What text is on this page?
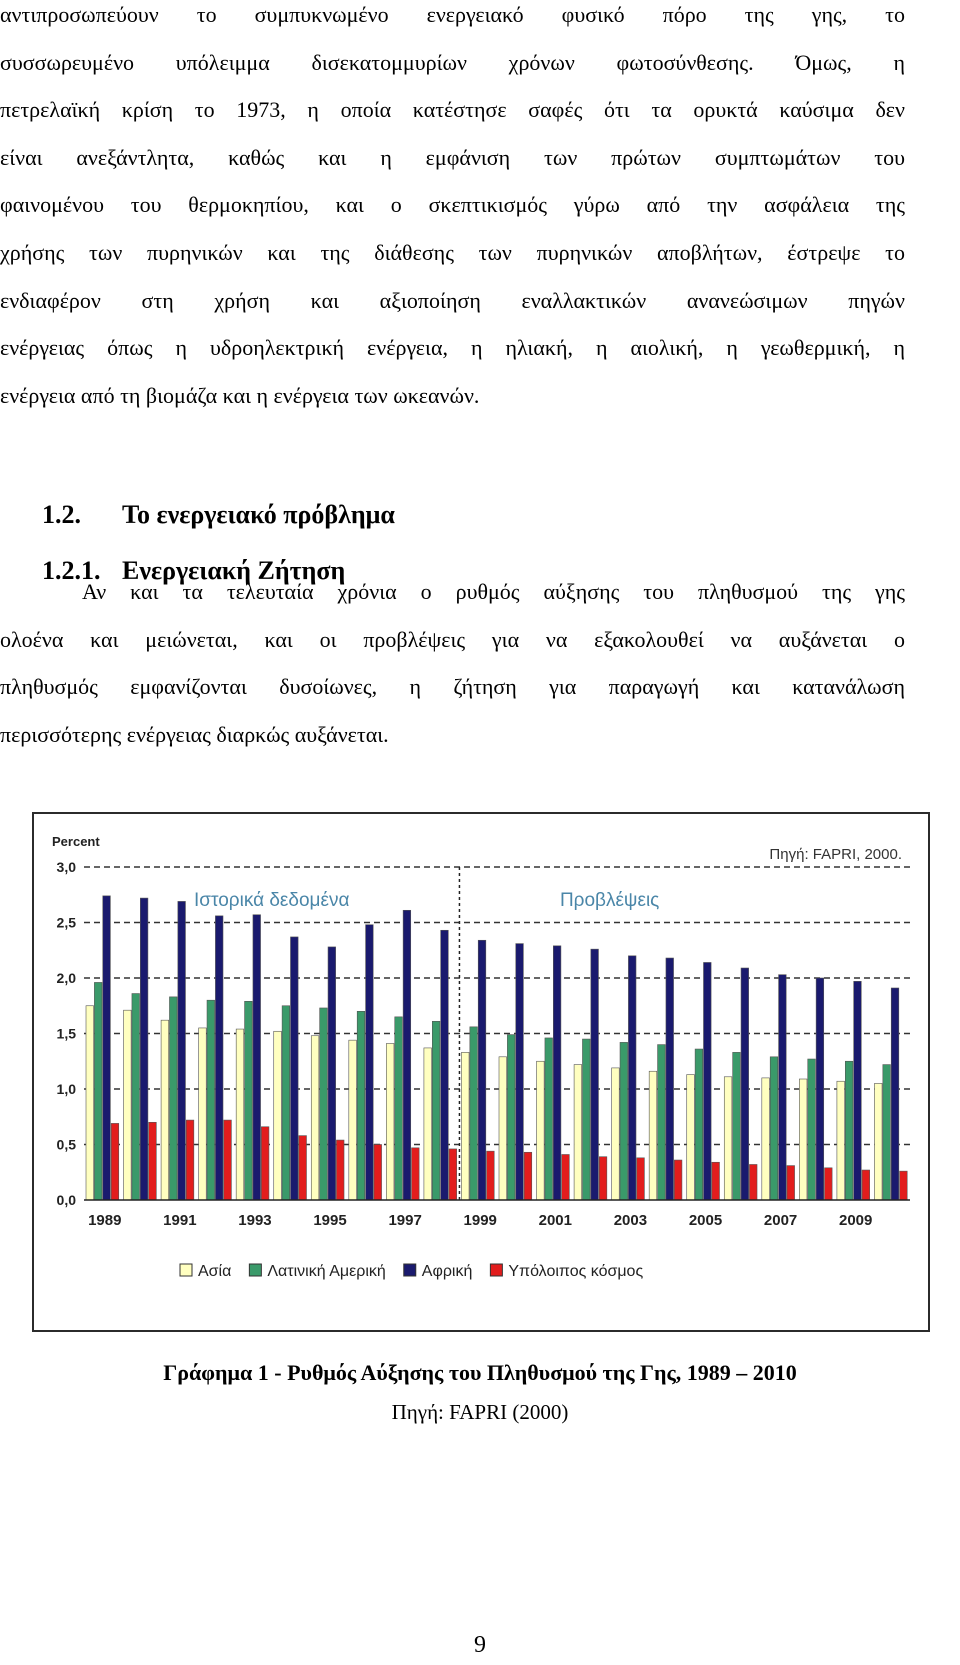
αντιπροσωπεύουν το συμπυκνωμένο ενεργειακό φυσικό πόρο της γης, το
συσσωρευμένο υπόλειμμα δισεκατομμυρίων χρόνων φωτοσύνθεσης. Όμως, η
πετρελαϊκή κρίση το 1973, η οποία κατέστησε σαφές ότι τα ορυκτά καύσιμα δεν
είναι ανεξάντλητα, καθώς και η εμφάνιση των πρώτων συμπτωμάτων του
φαινομένου του θερμοκηπίου, και ο σκεπτικισμός γύρω από την ασφάλεια της
χρήσης των πυρηνικών και της διάθεσης των πυρηνικών αποβλήτων, έστρεψε το
ενδιαφέρον στη χρήση και αξιοποίηση εναλλακτικών ανανεώσιμων πηγών
ενέργειας όπως η υδροηλεκτρική ενέργεια, η ηλιακή, η αιολική, η γεωθερμική, η
ενέργεια από τη βιομάζα και η ενέργεια των ωκεανών.
1.2. Το ενεργειακό πρόβλημα
1.2.1. Ενεργειακή Ζήτηση
Αν και τα τελευταία χρόνια ο ρυθμός αύξησης του πληθυσμού της γης
ολοένα και μειώνεται, και οι προβλέψεις για να εξακολουθεί να αυξάνεται ο
πληθυσμός εμφανίζονται δυσοίωνες, η ζήτηση για παραγωγή και κατανάλωση
περισσότερης ενέργειας διαρκώς αυξάνεται.
0,0
0,5
1,0
1,5
2,0
2,5
3,0
Percent
Πηγή: FAPRI, 2000.
Ιστορικά δεδομένα	Προβλέψεις
1989	1991	1993	1995	1997	1999	2001	2003	2005	2007	2009
Ασία Λατινική Αμερική Αφρική Υπόλοιπος κόσμος
Γράφημα 1 - Ρυθμός Αύξησης του Πληθυσμού της Γης, 1989 – 2010
Πηγή: FAPRI (2000)
9
